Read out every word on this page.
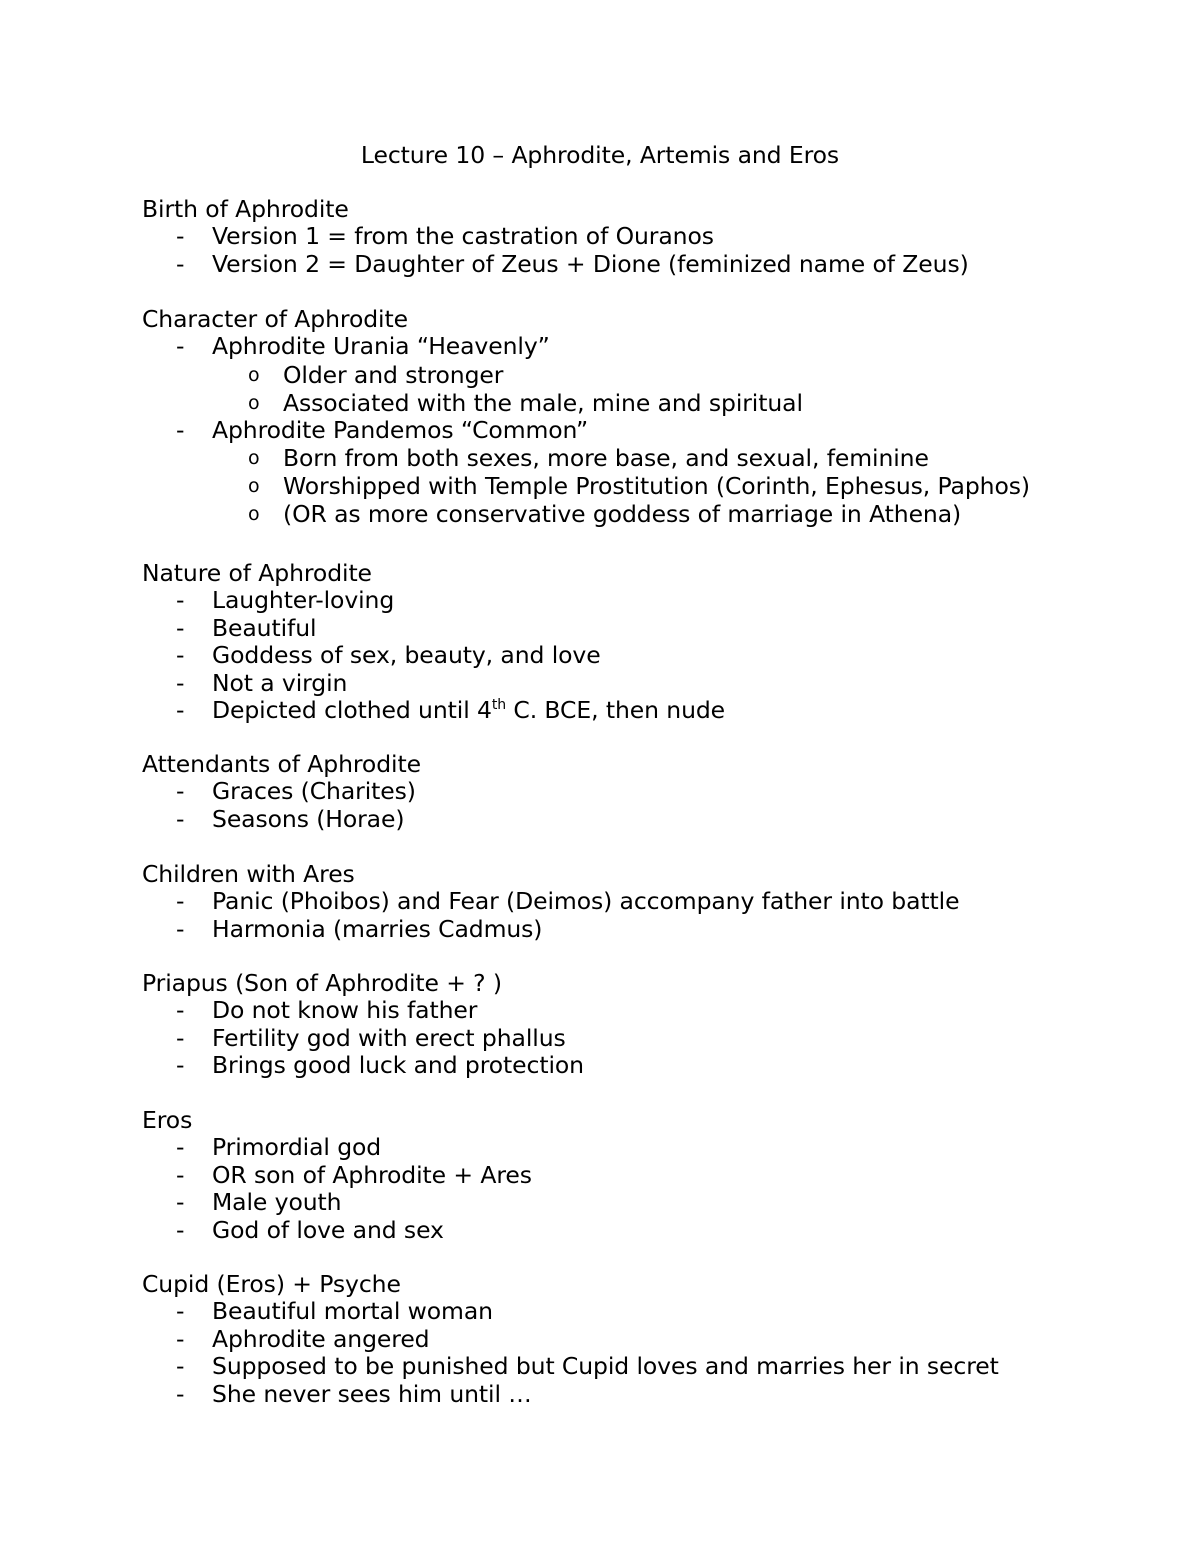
Lecture 10 – Aphrodite, Artemis and Eros
Birth of Aphrodite
- Version 1 = from the castration of Ouranos
- Version 2 = Daughter of Zeus + Dione (feminized name of Zeus)
Character of Aphrodite
- Aphrodite Urania “Heavenly”
o Older and stronger
o Associated with the male, mine and spiritual
- Aphrodite Pandemos “Common”
o Born from both sexes, more base, and sexual, feminine
o Worshipped with Temple Prostitution (Corinth, Ephesus, Paphos)
o (OR as more conservative goddess of marriage in Athena)
Nature of Aphrodite
- Laughter-loving
- Beautiful
- Goddess of sex, beauty, and love
- Not a virgin
- Depicted clothed until 4th C. BCE, then nude
Attendants of Aphrodite
- Graces (Charites)
- Seasons (Horae)
Children with Ares
- Panic (Phoibos) and Fear (Deimos) accompany father into battle
- Harmonia (marries Cadmus)
Priapus (Son of Aphrodite + ? )
- Do not know his father
- Fertility god with erect phallus
- Brings good luck and protection
Eros
- Primordial god
- OR son of Aphrodite + Ares
- Male youth
- God of love and sex
Cupid (Eros) + Psyche
- Beautiful mortal woman
- Aphrodite angered
- Supposed to be punished but Cupid loves and marries her in secret
- She never sees him until …
